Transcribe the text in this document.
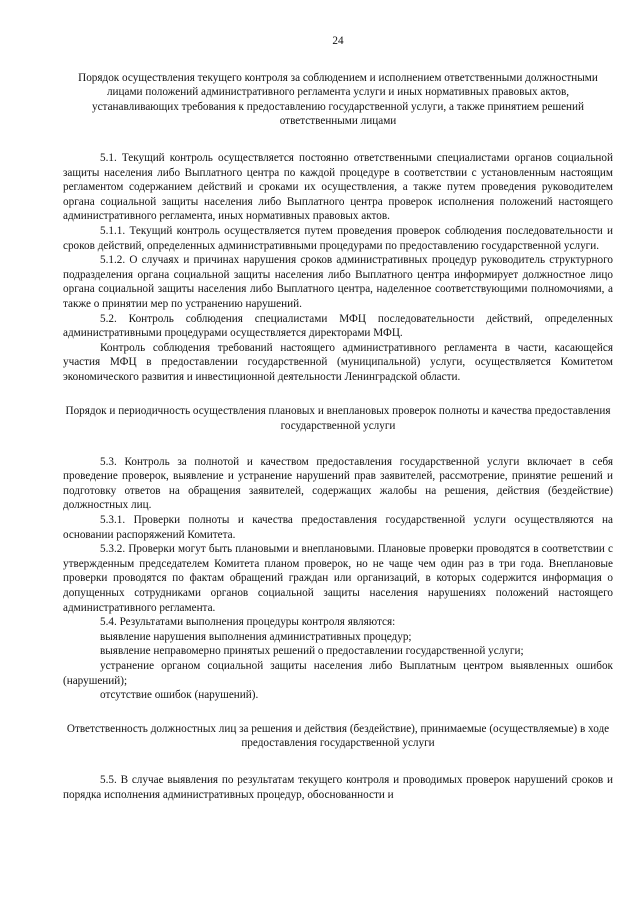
24
Порядок осуществления текущего контроля за соблюдением и исполнением ответственными должностными лицами положений административного регламента услуги и иных нормативных правовых актов, устанавливающих требования к предоставлению государственной услуги, а также принятием решений ответственными лицами

5.1. Текущий контроль осуществляется постоянно ответственными специалистами органов социальной защиты населения либо Выплатного центра по каждой процедуре в соответствии с установленным настоящим регламентом содержанием действий и сроками их осуществления, а также путем проведения руководителем органа социальной защиты населения либо Выплатного центра проверок исполнения положений настоящего административного регламента, иных нормативных правовых актов.

5.1.1. Текущий контроль осуществляется путем проведения проверок соблюдения последовательности и сроков действий, определенных административными процедурами по предоставлению государственной услуги.

5.1.2. О случаях и причинах нарушения сроков административных процедур руководитель структурного подразделения органа социальной защиты населения либо Выплатного центра информирует должностное лицо органа социальной защиты населения либо Выплатного центра, наделенное соответствующими полномочиями, а также о принятии мер по устранению нарушений.

5.2. Контроль соблюдения специалистами МФЦ последовательности действий, определенных административными процедурами осуществляется директорами МФЦ.

Контроль соблюдения требований настоящего административного регламента в части, касающейся участия МФЦ в предоставлении государственной (муниципальной) услуги, осуществляется Комитетом экономического развития и инвестиционной деятельности Ленинградской области.

Порядок и периодичность осуществления плановых и внеплановых проверок полноты и качества предоставления государственной услуги

5.3. Контроль за полнотой и качеством предоставления государственной услуги включает в себя проведение проверок, выявление и устранение нарушений прав заявителей, рассмотрение, принятие решений и подготовку ответов на обращения заявителей, содержащих жалобы на решения, действия (бездействие) должностных лиц.

5.3.1. Проверки полноты и качества предоставления государственной услуги осуществляются на основании распоряжений Комитета.

5.3.2. Проверки могут быть плановыми и внеплановыми. Плановые проверки проводятся в соответствии с утвержденным председателем Комитета планом проверок, но не чаще чем один раз в три года. Внеплановые проверки проводятся по фактам обращений граждан или организаций, в которых содержится информация о допущенных сотрудниками органов социальной защиты населения нарушениях положений настоящего административного регламента.

5.4. Результатами выполнения процедуры контроля являются:

выявление нарушения выполнения административных процедур;

выявление неправомерно принятых решений о предоставлении государственной услуги;

устранение органом социальной защиты населения либо Выплатным центром выявленных ошибок (нарушений);

отсутствие ошибок (нарушений).

Ответственность должностных лиц за решения и действия (бездействие), принимаемые (осуществляемые) в ходе предоставления государственной услуги

5.5. В случае выявления по результатам текущего контроля и проводимых проверок нарушений сроков и порядка исполнения административных процедур, обоснованности и
